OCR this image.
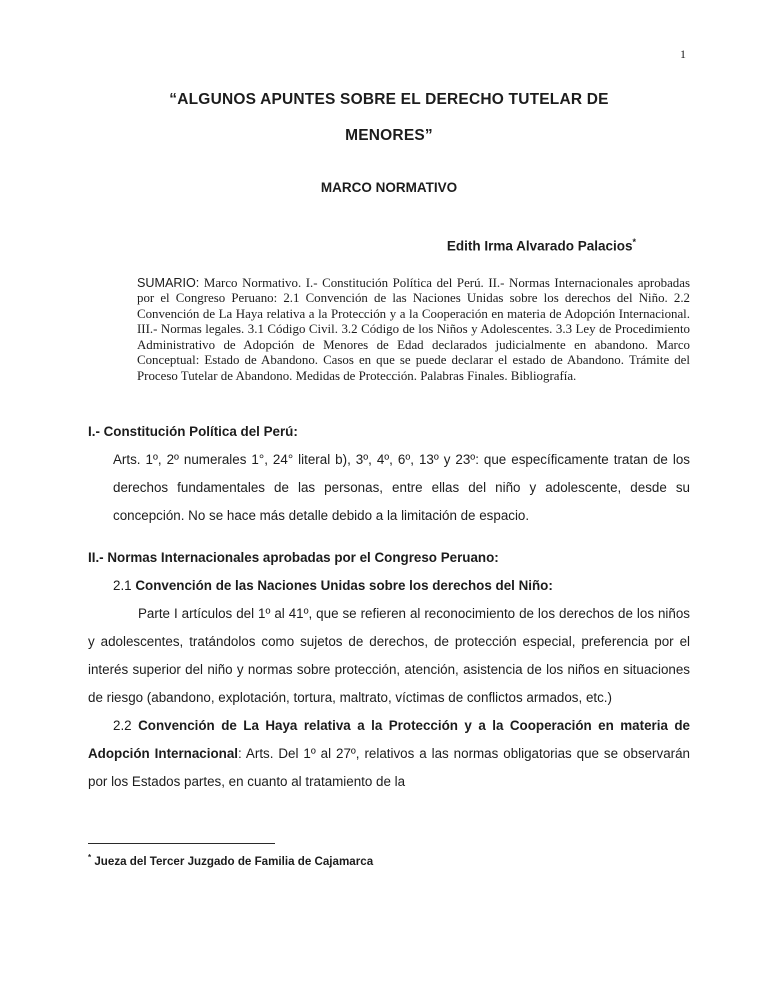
1
“ALGUNOS APUNTES SOBRE EL DERECHO TUTELAR DE
MENORES”
MARCO NORMATIVO
Edith Irma Alvarado Palacios*

SUMARIO: Marco Normativo. I.- Constitución Política del Perú. II.- Normas Internacionales aprobadas por el Congreso Peruano: 2.1 Convención de las Naciones Unidas sobre los derechos del Niño. 2.2 Convención de La Haya relativa a la Protección y a la Cooperación en materia de Adopción Internacional. III.- Normas legales. 3.1 Código Civil. 3.2 Código de los Niños y Adolescentes. 3.3 Ley de Procedimiento Administrativo de Adopción de Menores de Edad declarados judicialmente en abandono. Marco Conceptual: Estado de Abandono. Casos en que se puede declarar el estado de Abandono. Trámite del Proceso Tutelar de Abandono. Medidas de Protección. Palabras Finales. Bibliografía.

I.- Constitución Política del Perú:

Arts. 1º, 2º numerales 1°, 24° literal b), 3º, 4º, 6º, 13º y 23º: que específicamente tratan de los derechos fundamentales de las personas, entre ellas del niño y adolescente, desde su concepción. No se hace más detalle debido a la limitación de espacio.

II.- Normas Internacionales aprobadas por el Congreso Peruano:
2.1 Convención de las Naciones Unidas sobre los derechos del Niño:

Parte I artículos del 1º al 41º, que se refieren al reconocimiento de los derechos de los niños y adolescentes, tratándolos como sujetos de derechos, de protección especial, preferencia por el interés superior del niño y normas sobre protección, atención, asistencia de los niños en situaciones de riesgo (abandono, explotación, tortura, maltrato, víctimas de conflictos armados, etc.)

2.2 Convención de La Haya relativa a la Protección y a la Cooperación en materia de Adopción Internacional: Arts. Del 1º al 27º, relativos a las normas obligatorias que se observarán por los Estados partes, en cuanto al tratamiento de la

* Jueza del Tercer Juzgado de Familia de Cajamarca
